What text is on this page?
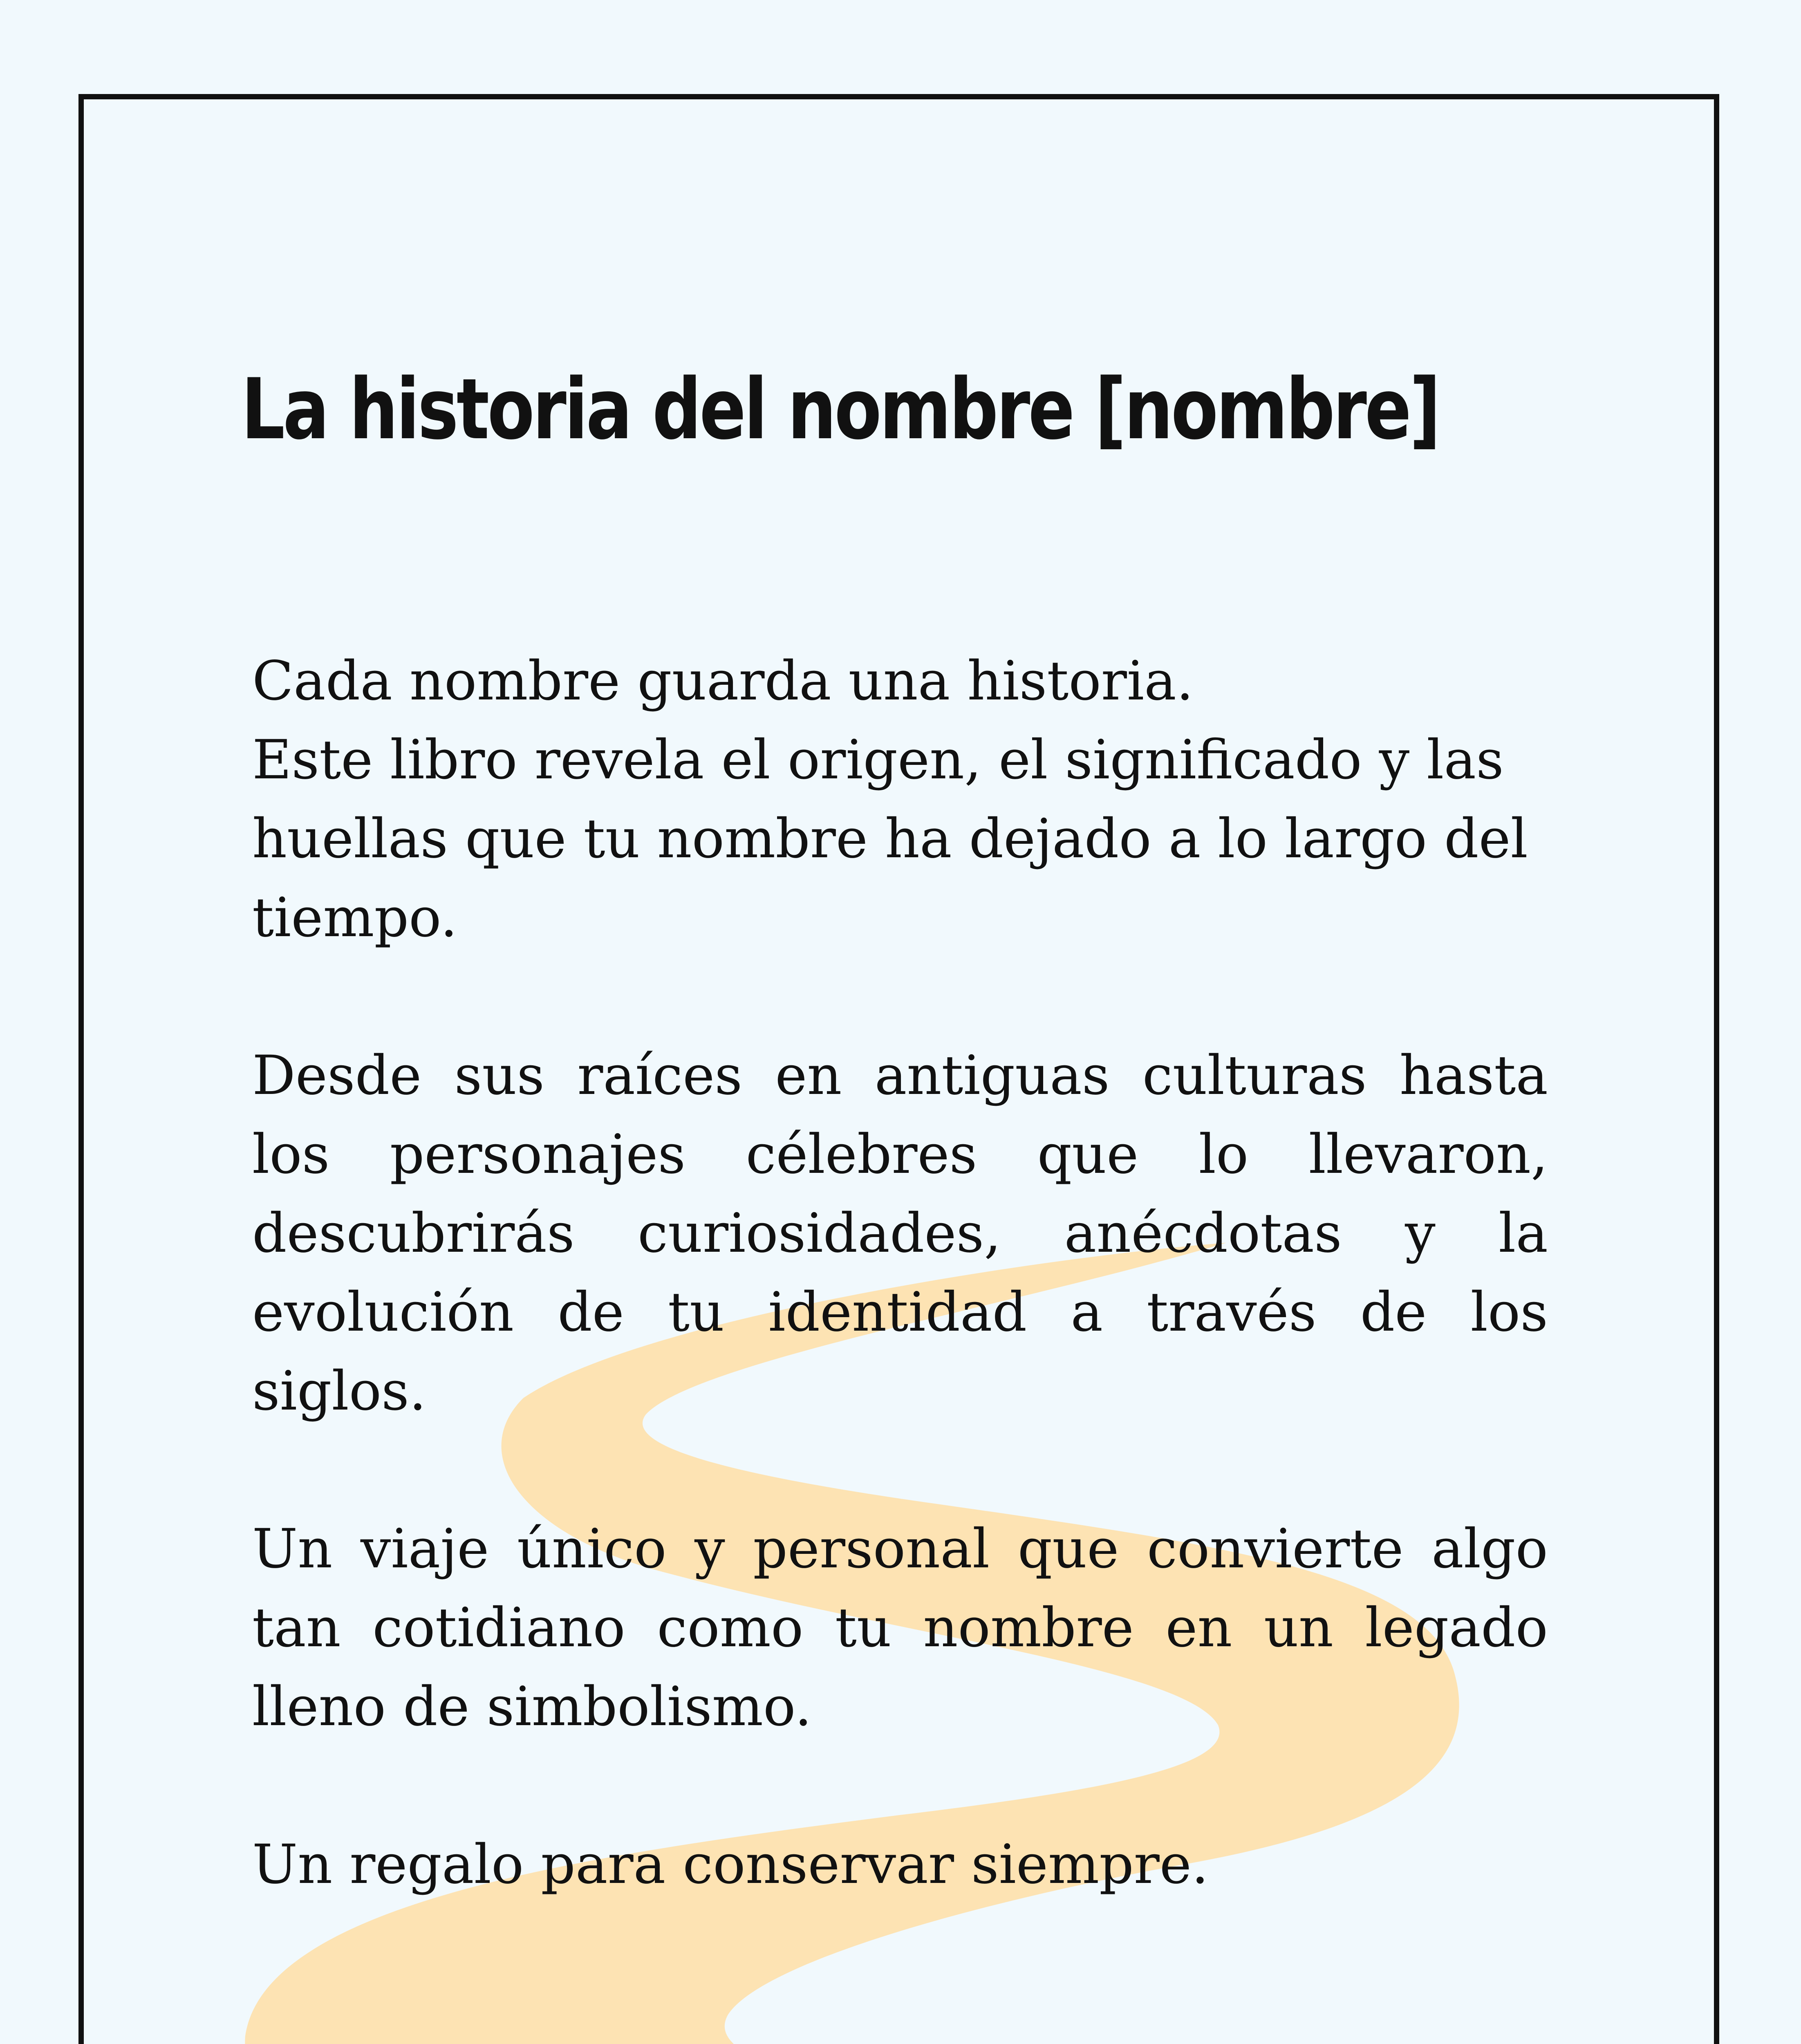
La historia del nombre [nombre]

Cada nombre guarda una historia.
Este libro revela el origen, el significado y las huellas que tu nombre ha dejado a lo largo del tiempo.

Desde sus raíces en antiguas culturas hasta los personajes célebres que lo llevaron, descubrirás curiosidades, anécdotas y la evolución de tu identidad a través de los siglos.

Un viaje único y personal que convierte algo tan cotidiano como tu nombre en un legado lleno de simbolismo.

Un regalo para conservar siempre.
